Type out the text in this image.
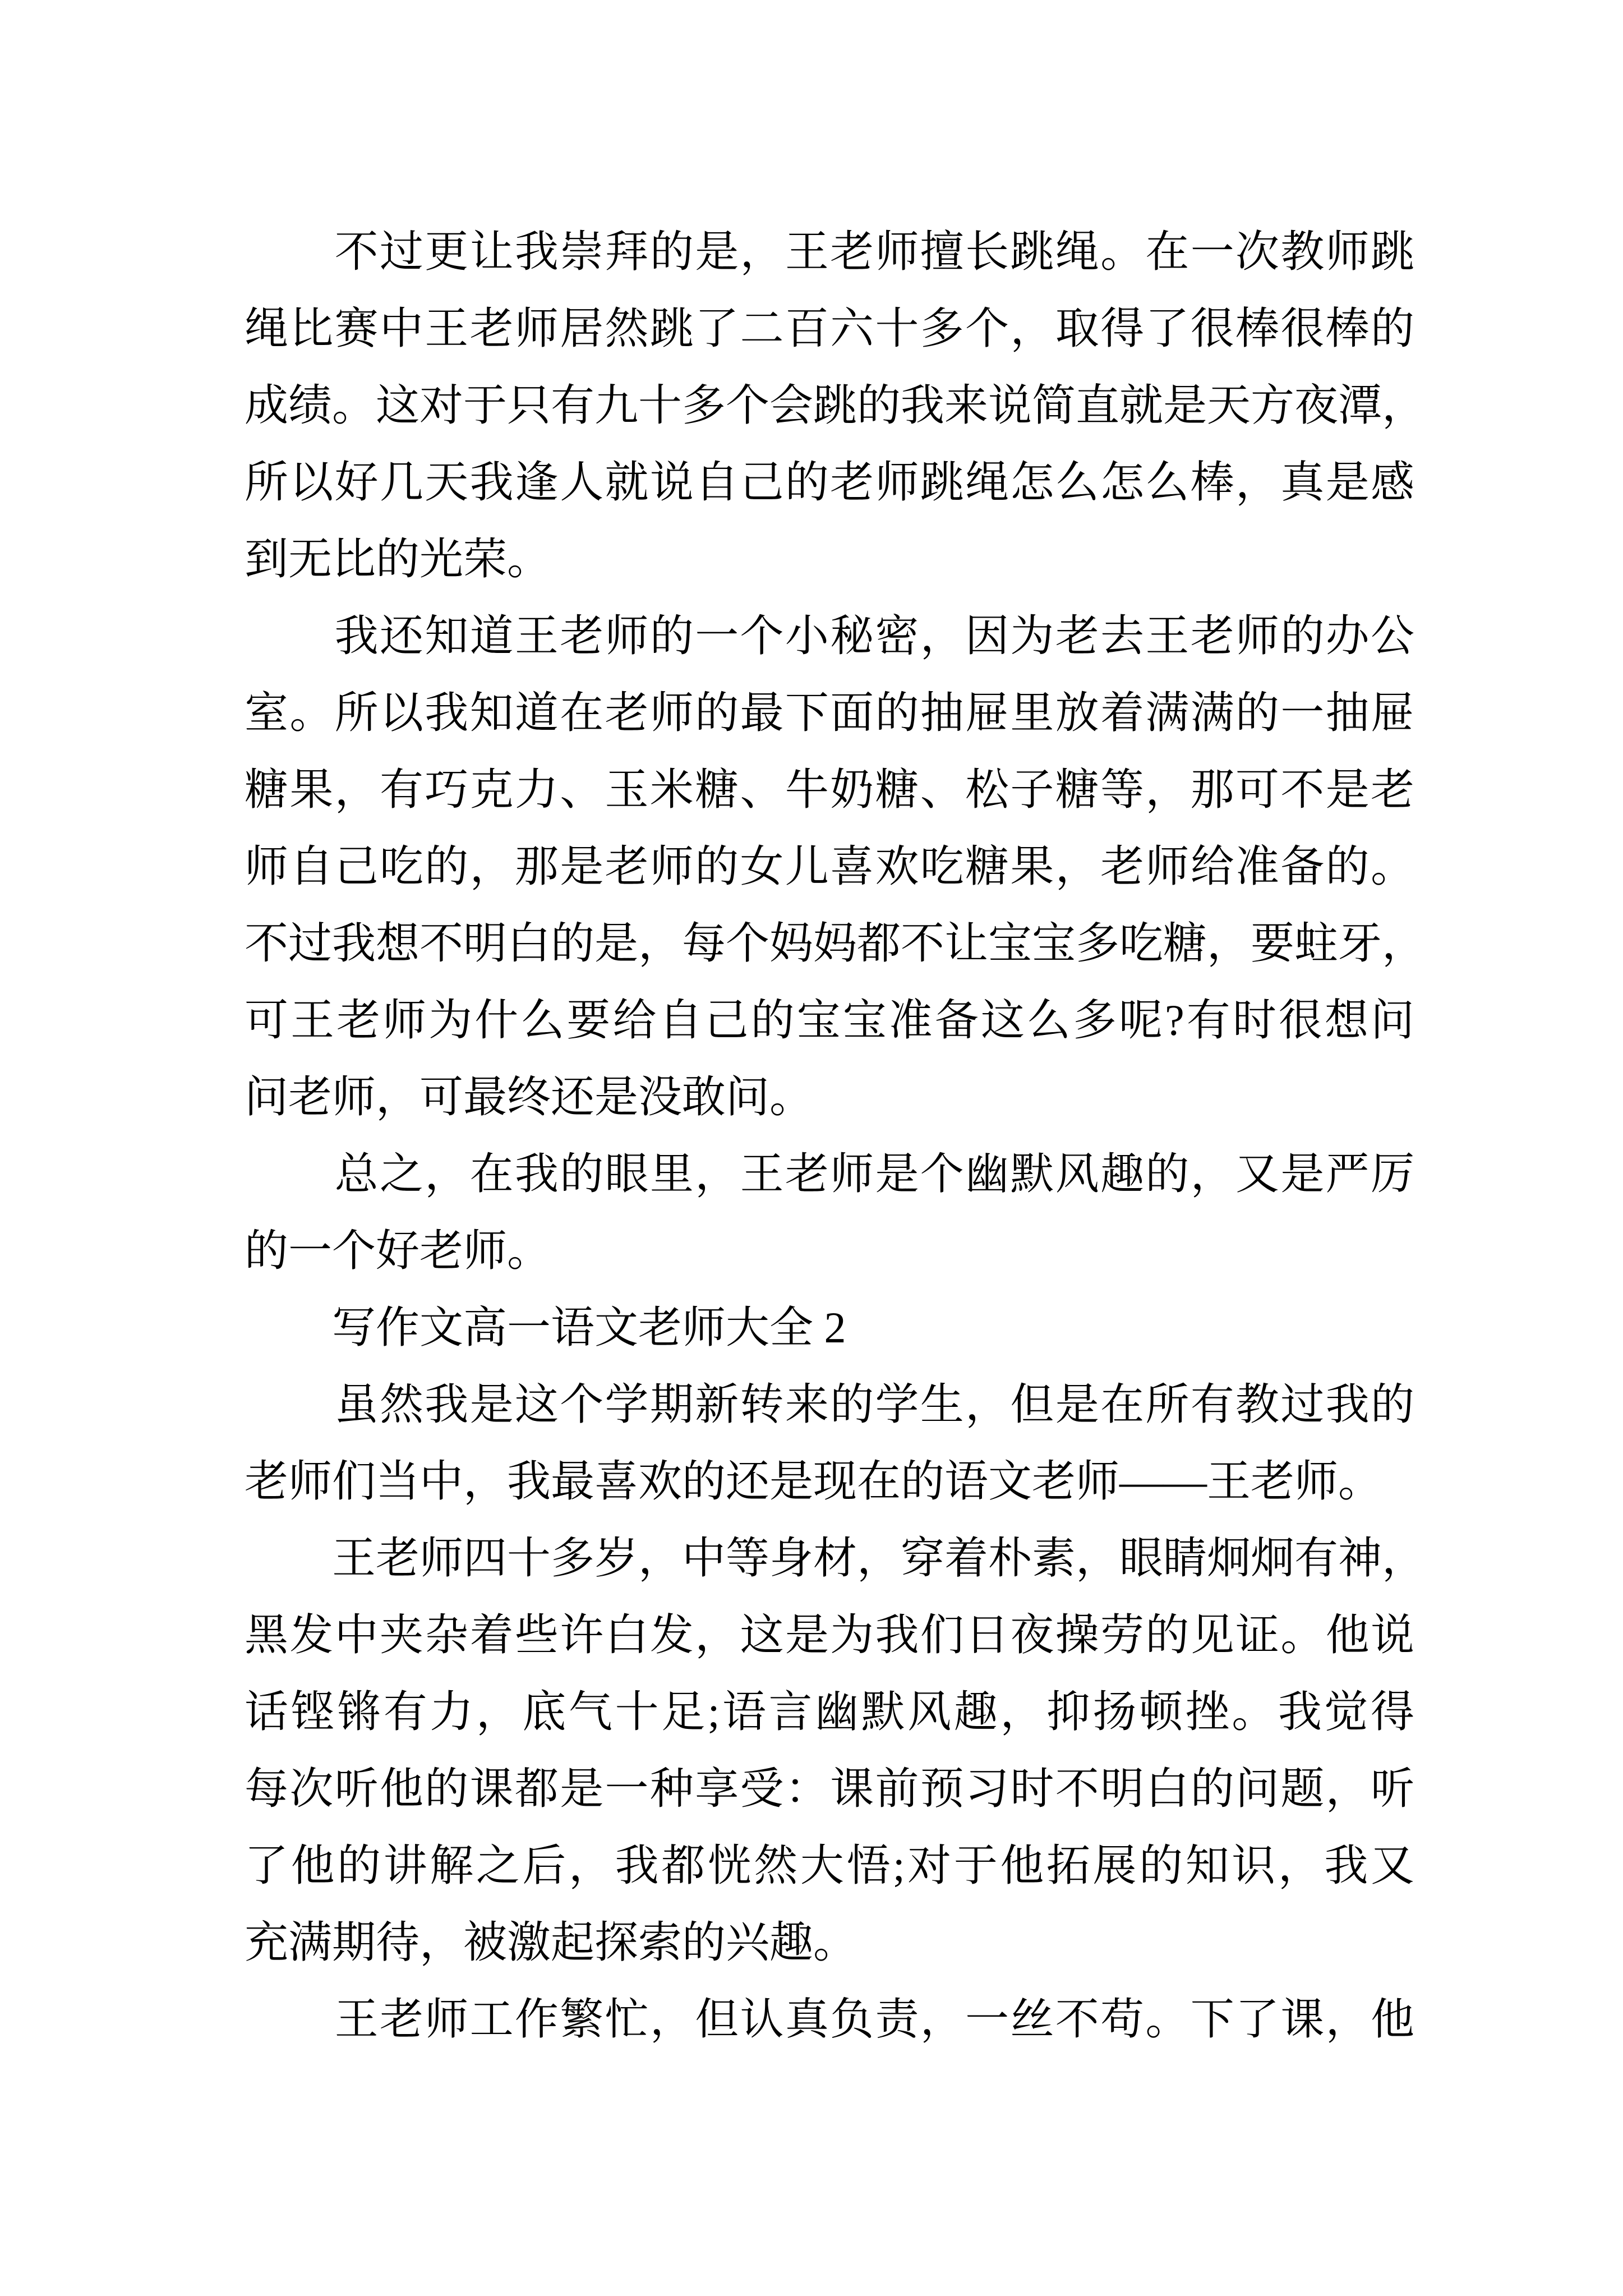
　　不过更让我崇拜的是，王老师擅长跳绳。在一次教师跳
绳比赛中王老师居然跳了二百六十多个，取得了很棒很棒的
成绩。这对于只有九十多个会跳的我来说简直就是天方夜潭，
所以好几天我逢人就说自己的老师跳绳怎么怎么棒，真是感
到无比的光荣。
　　我还知道王老师的一个小秘密，因为老去王老师的办公
室。所以我知道在老师的最下面的抽屉里放着满满的一抽屉
糖果，有巧克力、玉米糖、牛奶糖、松子糖等，那可不是老
师自己吃的，那是老师的女儿喜欢吃糖果，老师给准备的。
不过我想不明白的是，每个妈妈都不让宝宝多吃糖，要蛀牙，
可王老师为什么要给自己的宝宝准备这么多呢?有时很想问
问老师，可最终还是没敢问。
　　总之，在我的眼里，王老师是个幽默风趣的，又是严厉
的一个好老师。
　　写作文高一语文老师大全 2
　　虽然我是这个学期新转来的学生，但是在所有教过我的
老师们当中，我最喜欢的还是现在的语文老师——王老师。
　　王老师四十多岁，中等身材，穿着朴素，眼睛炯炯有神，
黑发中夹杂着些许白发，这是为我们日夜操劳的见证。他说
话铿锵有力，底气十足;语言幽默风趣，抑扬顿挫。我觉得
每次听他的课都是一种享受：课前预习时不明白的问题，听
了他的讲解之后，我都恍然大悟;对于他拓展的知识，我又
充满期待，被激起探索的兴趣。
　　王老师工作繁忙，但认真负责，一丝不苟。下了课，他
